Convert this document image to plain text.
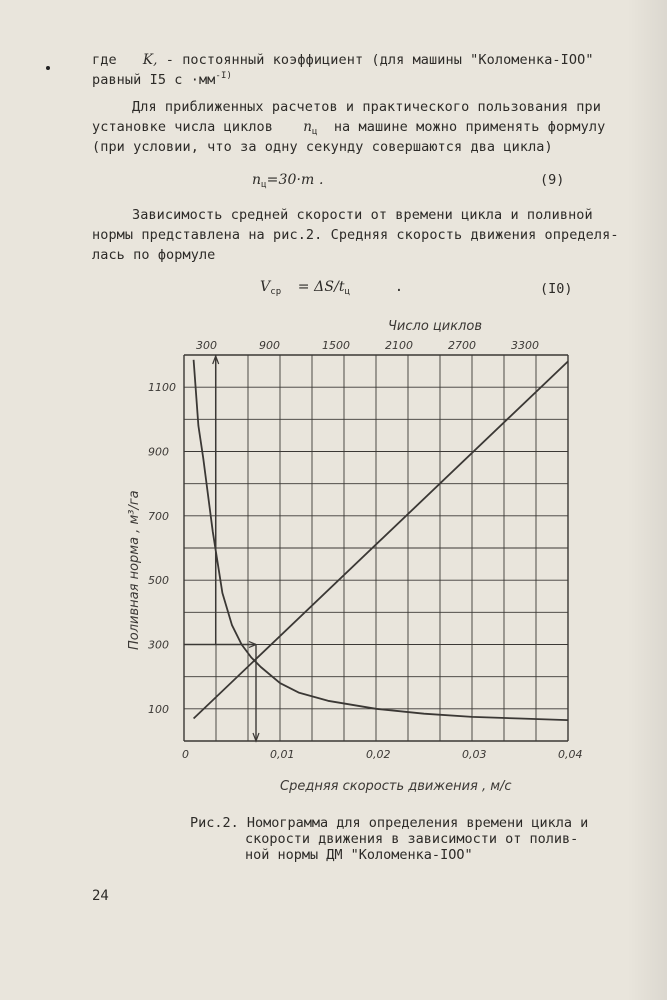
где K, - постоянный коэффициент (для машины "Коломенка-IOO"
равный I5 $с \cdot мм^{-I)}$
Для приближенных расчетов и практического пользования при
установке числа циклов $n_ц$ на машине можно применять формулу
(при условии, что за одну секунду совершаются два цикла)
$n_ц=30\cdot m$ .	(9)
Зависимость средней скорости от времени цикла и поливной
нормы представлена на рис.2. Средняя скорость движения определя-
лась по формуле
$V_{ср} = \Delta S/t_ц$	.	(I0)
100
300
500
700
900
1100
0	0,01	0,02	0,03	0,04
300	900	1500	2100	2700	3300
Число циклов
Средняя скорость движения , м/с
Поливная норма , м³/га
Рис.2. Номограмма для определения времени цикла и
скорости движения в зависимости от полив-
ной нормы ДМ "Коломенка-IOO"
24
